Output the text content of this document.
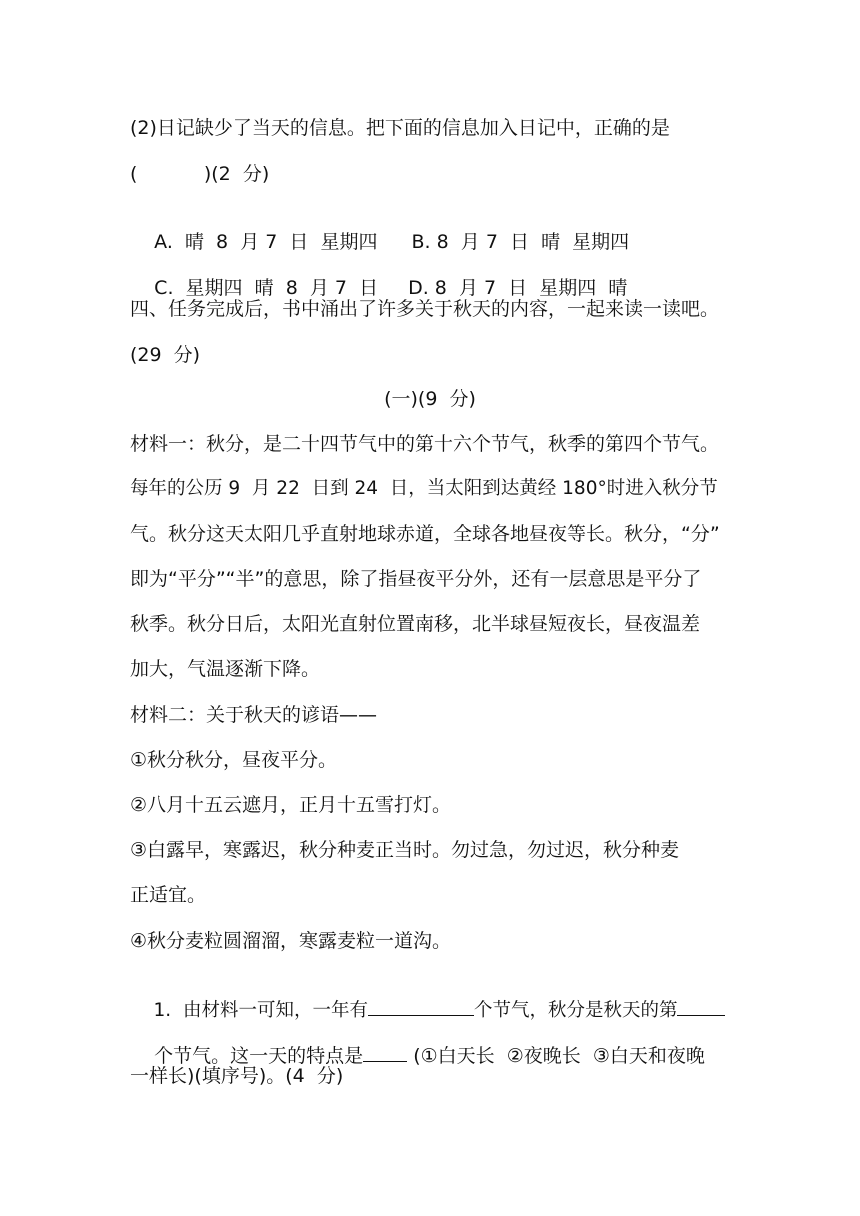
(2)日记缺少了当天的信息。把下面的信息加入日记中，正确的是
(           )(2  分)

A.  晴  8  月 7  日  星期四 B. 8  月 7  日  晴  星期四

C.  星期四  晴  8  月 7  日 D. 8  月 7  日  星期四  晴

四、任务完成后，书中涌出了许多关于秋天的内容，一起来读一读吧。
(29  分)
(一)(9  分)
材料一：秋分，是二十四节气中的第十六个节气，秋季的第四个节气。
每年的公历 9  月 22  日到 24  日，当太阳到达黄经 180°时进入秋分节
气。秋分这天太阳几乎直射地球赤道，全球各地昼夜等长。秋分，“分”
即为“平分”“半”的意思，除了指昼夜平分外，还有一层意思是平分了
秋季。秋分日后，太阳光直射位置南移，北半球昼短夜长，昼夜温差
加大，气温逐渐下降。
材料二：关于秋天的谚语——
①秋分秋分，昼夜平分。
②八月十五云遮月，正月十五雪打灯。
③白露早，寒露迟，秋分种麦正当时。勿过急，勿过迟，秋分种麦
正适宜。
④秋分麦粒圆溜溜，寒露麦粒一道沟。

1.  由材料一可知，一年有	个节气，秋分是秋天的第

个节气。这一天的特点是 (①白天长  ②夜晚长  ③白天和夜晚

一样长)(填序号)。(4  分)
